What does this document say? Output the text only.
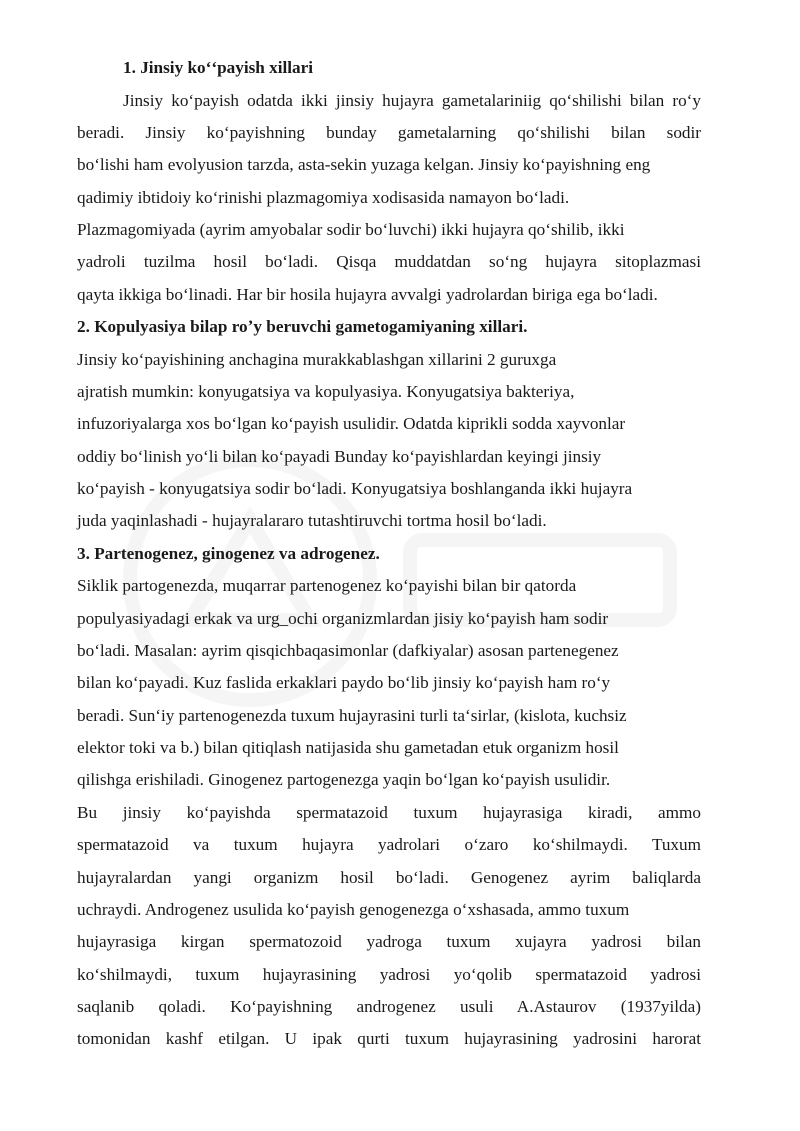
1. Jinsiy koʻʻpayish xillari
Jinsiy koʻpayish odatda ikki jinsiy hujayra gametalariniig qoʻshilishi bilan roʻy
beradi. Jinsiy koʻpayishning bunday gametalarning qoʻshilishi bilan sodir
boʻlishi ham evolyusion tarzda, asta-sekin yuzaga kelgan. Jinsiy koʻpayishning eng
qadimiy ibtidoiy koʻrinishi plazmagomiya xodisasida namayon boʻladi.
Plazmagomiyada (ayrim amyobalar sodir boʻluvchi) ikki hujayra qoʻshilib, ikki
yadroli tuzilma hosil boʻladi. Qisqa muddatdan soʻng hujayra sitoplazmasi
qayta ikkiga boʻlinadi. Har bir hosila hujayra avvalgi yadrolardan biriga ega boʻladi.
2. Kopulyasiya bilap roʼy beruvchi gametogamiyaning xillari.
Jinsiy koʻpayishining anchagina murakkablashgan xillarini 2 guruxga
ajratish mumkin: konyugatsiya va kopulyasiya. Konyugatsiya bakteriya,
infuzoriyalarga xos boʻlgan koʻpayish usulidir. Odatda kiprikli sodda xayvonlar
oddiy boʻlinish yoʻli bilan koʻpayadi Bunday koʻpayishlardan keyingi jinsiy
koʻpayish - konyugatsiya sodir boʻladi. Konyugatsiya boshlanganda ikki hujayra
juda yaqinlashadi - hujayralararo tutashtiruvchi tortma hosil boʻladi.
3. Partenogenez, ginogenez va adrogenez.
Siklik partogenezda, muqarrar partenogenez koʻpayishi bilan bir qatorda
populyasiyadagi erkak va urg_ochi organizmlardan jisiy koʻpayish ham sodir
boʻladi. Masalan: ayrim qisqichbaqasimonlar (dafkiyalar) asosan partenegenez
bilan koʻpayadi. Kuz faslida erkaklari paydo boʻlib jinsiy koʻpayish ham roʻy
beradi. Sunʻiy partenogenezda tuxum hujayrasini turli taʻsirlar, (kislota, kuchsiz
elektor toki va b.) bilan qitiqlash natijasida shu gametadan etuk organizm hosil
qilishga erishiladi. Ginogenez partogenezga yaqin boʻlgan koʻpayish usulidir.
Bu jinsiy koʻpayishda spermatazoid tuxum hujayrasiga kiradi, ammo
spermatazoid va tuxum hujayra yadrolari oʻzaro koʻshilmaydi. Tuxum
hujayralardan yangi organizm hosil boʻladi. Genogenez ayrim baliqlarda
uchraydi. Androgenez usulida koʻpayish genogenezga oʻxshasada, ammo tuxum
hujayrasiga kirgan spermatozoid yadroga tuxum xujayra yadrosi bilan
koʻshilmaydi, tuxum hujayrasining yadrosi yoʻqolib spermatazoid yadrosi
saqlanib qoladi. Koʻpayishning androgenez usuli A.Astaurov (1937yilda)
tomonidan kashf etilgan. U ipak qurti tuxum hujayrasining yadrosini harorat
